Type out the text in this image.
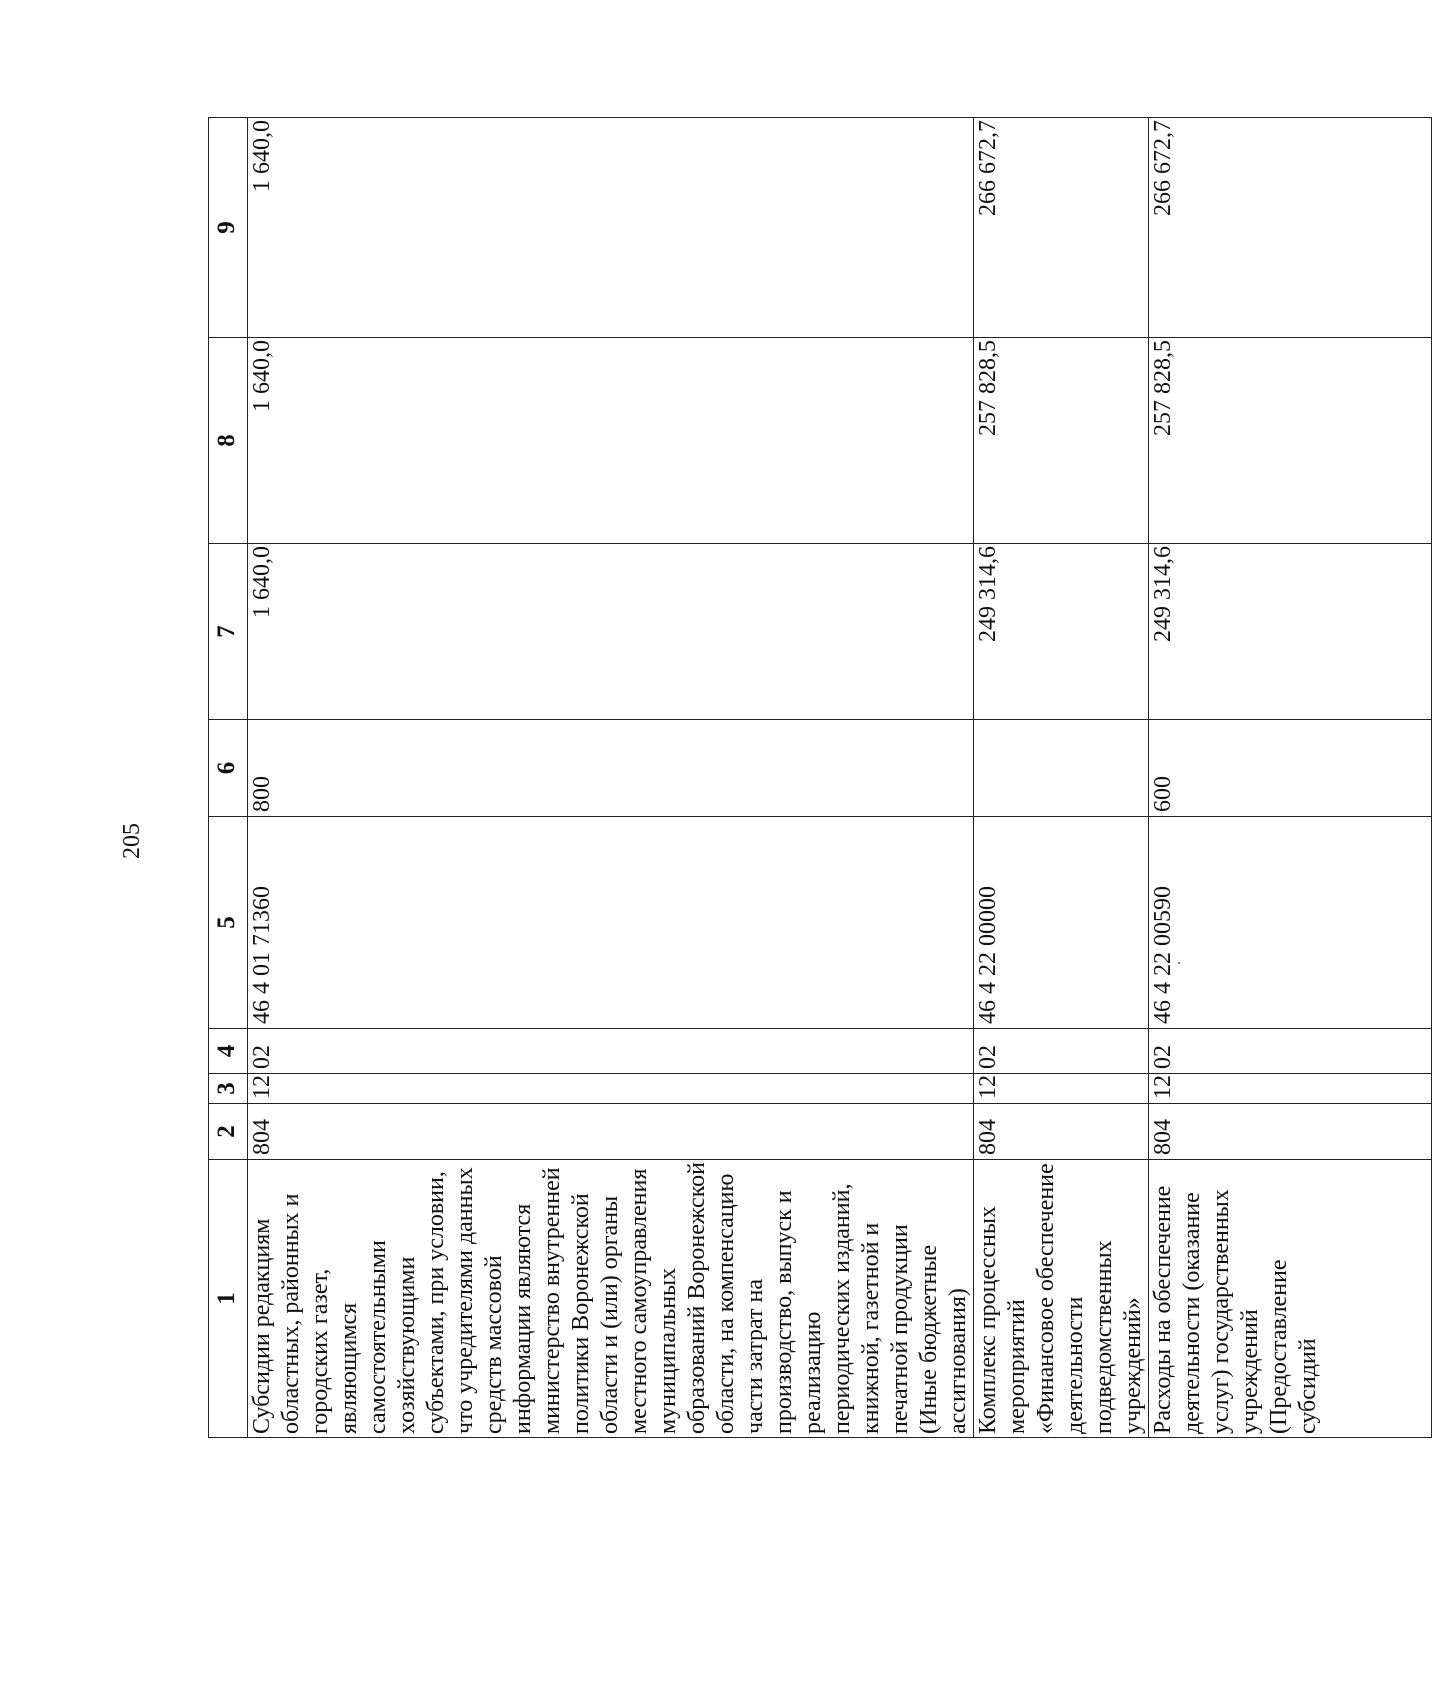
205
1	2	3	4	5	6	7	8	9
Субсидии редакциям областных, районных и городских газет, являющимся самостоятельными хозяйствующими субъектами, при условии, что учредителями данных средств массовой информации являются министерство внутренней политики Воронежской области и (или) органы местного самоуправления муниципальных образований Воронежской области, на компенсацию части затрат на производство, выпуск и реализацию периодических изданий, книжной, газетной и печатной продукции (Иные бюджетные ассигнования)	804	12	02	46 4 01 71360	800	1 640,0	1 640,0	1 640,0
Комплекс процессных мероприятий «Финансовое обеспечение деятельности подведомственных учреждений»	804	12	02	46 4 22 00000		249 314,6	257 828,5	266 672,7
Расходы на обеспечение деятельности (оказание услуг) государственных учреждений (Предоставление субсидий	804	12	02	46 4 22 00590	600	249 314,6	257 828,5	266 672,7
